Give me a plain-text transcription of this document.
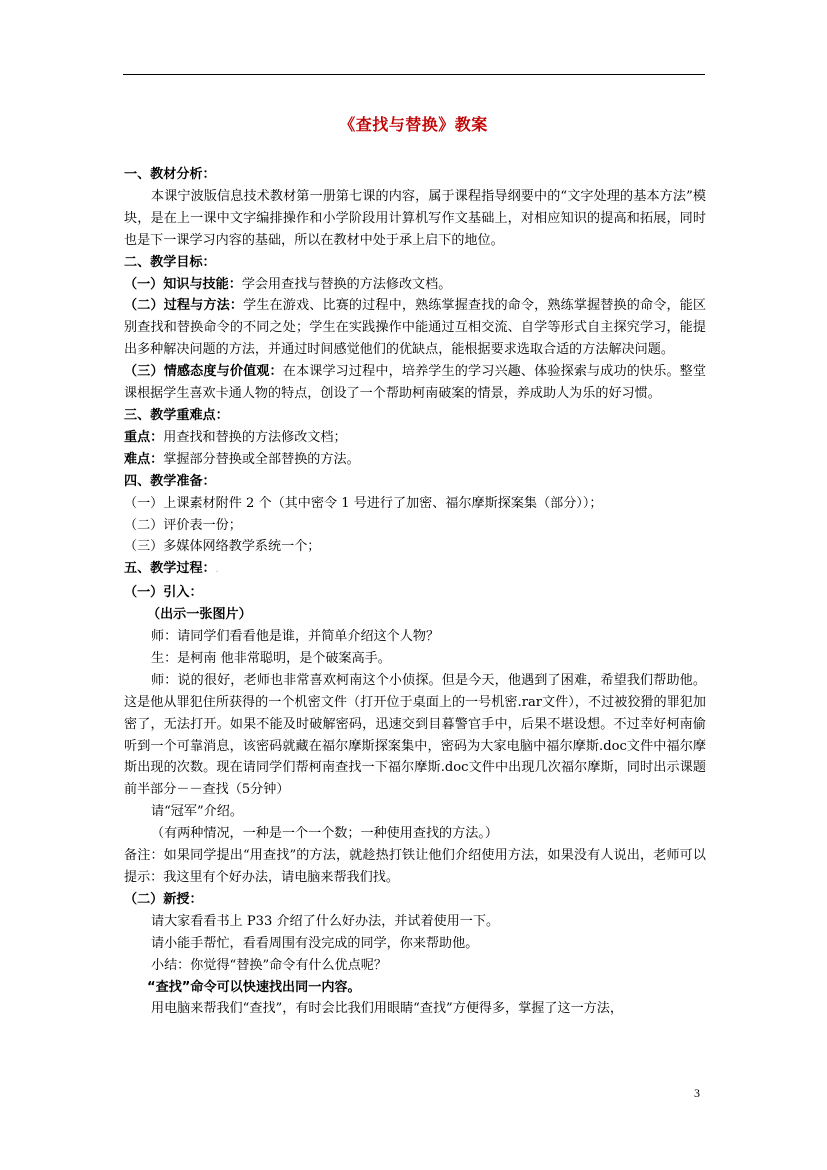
《查找与替换》教案
一、教材分析：
本课宁波版信息技术教材第一册第七课的内容，属于课程指导纲要中的“文字处理的基本方法”模块，是在上一课中文字编排操作和小学阶段用计算机写作文基础上，对相应知识的提高和拓展，同时也是下一课学习内容的基础，所以在教材中处于承上启下的地位。
二、教学目标：
（一）知识与技能：学会用查找与替换的方法修改文档。
（二）过程与方法：学生在游戏、比赛的过程中，熟练掌握查找的命令，熟练掌握替换的命令，能区别查找和替换命令的不同之处；学生在实践操作中能通过互相交流、自学等形式自主探究学习，能提出多种解决问题的方法，并通过时间感觉他们的优缺点，能根据要求选取合适的方法解决问题。
（三）情感态度与价值观：在本课学习过程中，培养学生的学习兴趣、体验探索与成功的快乐。整堂课根据学生喜欢卡通人物的特点，创设了一个帮助柯南破案的情景，养成助人为乐的好习惯。
三、教学重难点：
重点：用查找和替换的方法修改文档；
难点：掌握部分替换或全部替换的方法。
四、教学准备：
（一）上课素材附件 2 个（其中密令 1 号进行了加密、福尔摩斯探案集（部分））；
（二）评价表一份；
（三）多媒体网络教学系统一个；
五、教学过程：.
（一）引入：
（出示一张图片）
师：请同学们看看他是谁，并简单介绍这个人物？
生：是柯南 他非常聪明，是个破案高手。
师：说的很好，老师也非常喜欢柯南这个小侦探。但是今天，他遇到了困难，希望我们帮助他。这是他从罪犯住所获得的一个机密文件（打开位于桌面上的一号机密.rar文件），不过被狡猾的罪犯加密了，无法打开。如果不能及时破解密码，迅速交到目暮警官手中，后果不堪设想。不过幸好柯南偷听到一个可靠消息，该密码就藏在福尔摩斯探案集中，密码为大家电脑中福尔摩斯.doc文件中福尔摩斯出现的次数。现在请同学们帮柯南查找一下福尔摩斯.doc文件中出现几次福尔摩斯，同时出示课题前半部分－－查找（5分钟）
请“冠军”介绍。
（有两种情况，一种是一个一个数；一种使用查找的方法。）
备注：如果同学提出“用查找”的方法，就趁热打铁让他们介绍使用方法，如果没有人说出，老师可以提示：我这里有个好办法，请电脑来帮我们找。
（二）新授：
请大家看看书上 P33 介绍了什么好办法，并试着使用一下。
请小能手帮忙，看看周围有没完成的同学，你来帮助他。
小结：你觉得“替换”命令有什么优点呢？
“查找”命令可以快速找出同一内容。
用电脑来帮我们“查找”，有时会比我们用眼睛“查找”方便得多，掌握了这一方法，
3
